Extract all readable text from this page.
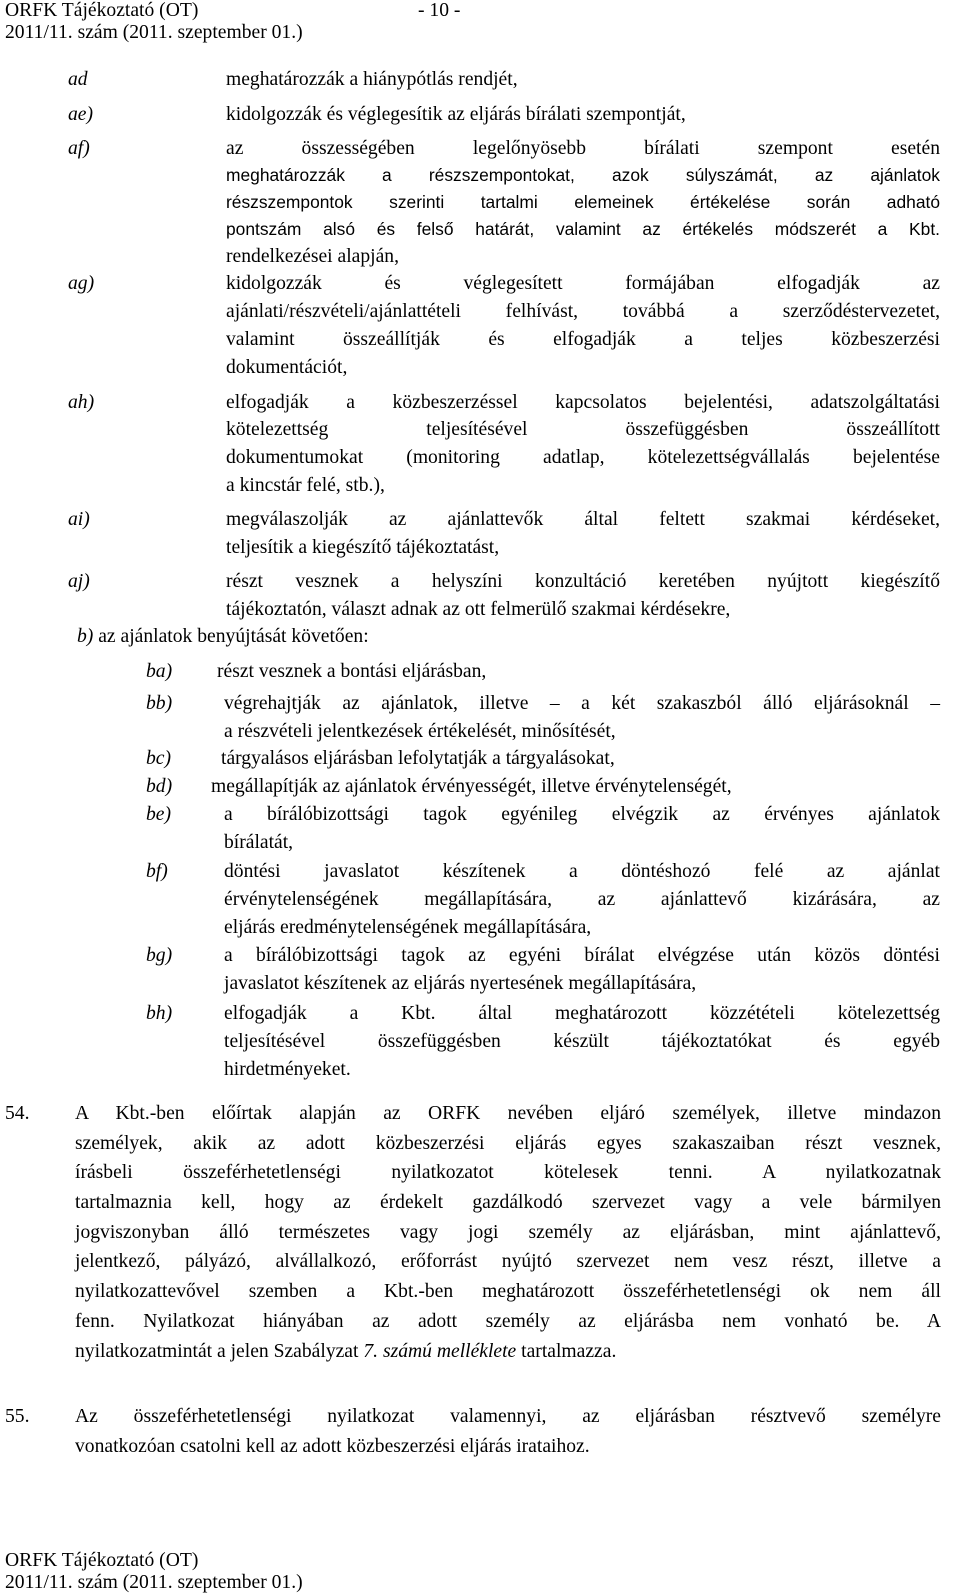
ORFK Tájékoztató (OT)	- 10 -
2011/11. szám (2011. szeptember 01.)
ad	meghatározzák a hiánypótlás rendjét,
ae)	kidolgozzák és véglegesítik az eljárás bírálati szempontját,
af)	az összességében legelőnyösebb bírálati szempont esetén
meghatározzák a részszempontokat, azok súlyszámát, az ajánlatok
részszempontok szerinti tartalmi elemeinek értékelése során adható
pontszám alsó és felső határát, valamint az értékelés módszerét a Kbt.
rendelkezései alapján,
ag)	kidolgozzák és véglegesített formájában elfogadják az
ajánlati/részvételi/ajánlattételi felhívást, továbbá a szerződéstervezetet,
valamint összeállítják és elfogadják a teljes közbeszerzési
dokumentációt,
ah)	elfogadják a közbeszerzéssel kapcsolatos bejelentési, adatszolgáltatási
kötelezettség teljesítésével összefüggésben összeállított
dokumentumokat (monitoring adatlap, kötelezettségvállalás bejelentése
a kincstár felé, stb.),
ai)	megválaszolják az ajánlattevők által feltett szakmai kérdéseket,
teljesítik a kiegészítő tájékoztatást,
aj)	részt vesznek a helyszíni konzultáció keretében nyújtott kiegészítő
tájékoztatón, választ adnak az ott felmerülő szakmai kérdésekre,
b) az ajánlatok benyújtását követően:
ba) részt vesznek a bontási eljárásban,
bb)	végrehajtják az ajánlatok, illetve – a két szakaszból álló eljárásoknál –
a részvételi jelentkezések értékelését, minősítését,
bc)	tárgyalásos eljárásban lefolytatják a tárgyalásokat,
bd) megállapítják az ajánlatok érvényességét, illetve érvénytelenségét,
be)	a bírálóbizottsági tagok egyénileg elvégzik az érvényes ajánlatok
bírálatát,
bf)	döntési javaslatot készítenek a döntéshozó felé az ajánlat
érvénytelenségének megállapítására, az ajánlattevő kizárására, az
eljárás eredménytelenségének megállapítására,
bg)	a bírálóbizottsági tagok az egyéni bírálat elvégzése után közös döntési
javaslatot készítenek az eljárás nyertesének megállapítására,
bh)	elfogadják a Kbt. által meghatározott közzétételi kötelezettség
teljesítésével összefüggésben készült tájékoztatókat és egyéb
hirdetményeket.
54. A Kbt.-ben előírtak alapján az ORFK nevében eljáró személyek, illetve mindazon
személyek, akik az adott közbeszerzési eljárás egyes szakaszaiban részt vesznek,
írásbeli összeférhetetlenségi nyilatkozatot kötelesek tenni. A nyilatkozatnak
tartalmaznia kell, hogy az érdekelt gazdálkodó szervezet vagy a vele bármilyen
jogviszonyban álló természetes vagy jogi személy az eljárásban, mint ajánlattevő,
jelentkező, pályázó, alvállalkozó, erőforrást nyújtó szervezet nem vesz részt, illetve a
nyilatkozattevővel szemben a Kbt.-ben meghatározott összeférhetetlenségi ok nem áll
fenn. Nyilatkozat hiányában az adott személy az eljárásba nem vonható be. A
nyilatkozatmintát a jelen Szabályzat 7. számú melléklete tartalmazza.
55. Az összeférhetetlenségi nyilatkozat valamennyi, az eljárásban résztvevő személyre
vonatkozóan csatolni kell az adott közbeszerzési eljárás irataihoz.
ORFK Tájékoztató (OT)
2011/11. szám (2011. szeptember 01.)
